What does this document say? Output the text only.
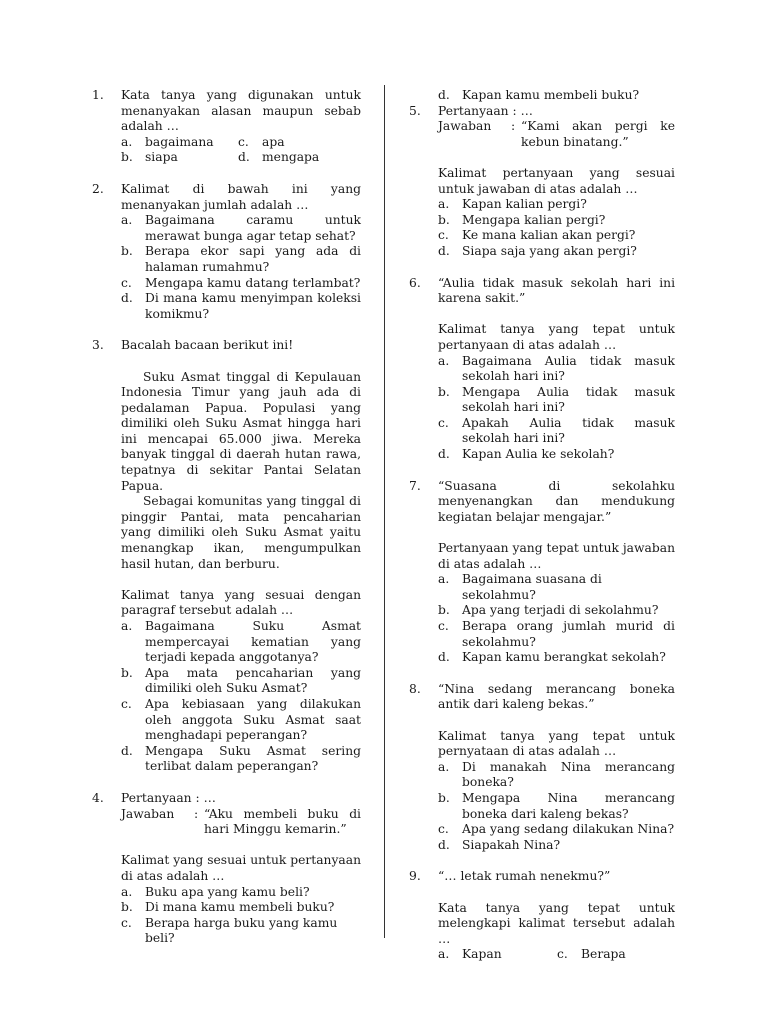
1. Kata tanya yang digunakan untuk menanyakan alasan maupun sebab adalah …
a. bagaimana	c. apa
b. siapa	d. mengapa
2. Kalimat di bawah ini yang menanyakan jumlah adalah …
a. Bagaimana caramu untuk merawat bunga agar tetap sehat?
b. Berapa ekor sapi yang ada di halaman rumahmu?
c. Mengapa kamu datang terlambat?
d. Di mana kamu menyimpan koleksi komikmu?
3. Bacalah bacaan berikut ini!
Suku Asmat tinggal di Kepulauan Indonesia Timur yang jauh ada di pedalaman Papua. Populasi yang dimiliki oleh Suku Asmat hingga hari ini mencapai 65.000 jiwa. Mereka banyak tinggal di daerah hutan rawa, tepatnya di sekitar Pantai Selatan Papua.
Sebagai komunitas yang tinggal di pinggir Pantai, mata pencaharian yang dimiliki oleh Suku Asmat yaitu menangkap ikan, mengumpulkan hasil hutan, dan berburu.
Kalimat tanya yang sesuai dengan paragraf tersebut adalah …
a. Bagaimana Suku Asmat mempercayai kematian yang terjadi kepada anggotanya?
b. Apa mata pencaharian yang dimiliki oleh Suku Asmat?
c. Apa kebiasaan yang dilakukan oleh anggota Suku Asmat saat menghadapi peperangan?
d. Mengapa Suku Asmat sering terlibat dalam peperangan?
4. Pertanyaan : …
Jawaban	: “Aku membeli buku di
hari Minggu kemarin.”
Kalimat yang sesuai untuk pertanyaan di atas adalah …
a. Buku apa yang kamu beli?
b. Di mana kamu membeli buku?
c. Berapa harga buku yang kamu beli?
d. Kapan kamu membeli buku?
5. Pertanyaan : …
Jawaban	: “Kami akan pergi ke
kebun binatang.”
Kalimat pertanyaan yang sesuai untuk jawaban di atas adalah …
a. Kapan kalian pergi?
b. Mengapa kalian pergi?
c. Ke mana kalian akan pergi?
d. Siapa saja yang akan pergi?
6. “Aulia tidak masuk sekolah hari ini karena sakit.”
Kalimat tanya yang tepat untuk pertanyaan di atas adalah …
a. Bagaimana Aulia tidak masuk sekolah hari ini?
b. Mengapa Aulia tidak masuk sekolah hari ini?
c. Apakah Aulia tidak masuk sekolah hari ini?
d. Kapan Aulia ke sekolah?
7. “Suasana di sekolahku menyenangkan dan mendukung kegiatan belajar mengajar.”
Pertanyaan yang tepat untuk jawaban di atas adalah …
a. Bagaimana suasana di sekolahmu?
b. Apa yang terjadi di sekolahmu?
c. Berapa orang jumlah murid di sekolahmu?
d. Kapan kamu berangkat sekolah?
8. “Nina sedang merancang boneka antik dari kaleng bekas.”
Kalimat tanya yang tepat untuk pernyataan di atas adalah …
a. Di manakah Nina merancang boneka?
b. Mengapa Nina merancang boneka dari kaleng bekas?
c. Apa yang sedang dilakukan Nina?
d. Siapakah Nina?
9. “… letak rumah nenekmu?”
Kata tanya yang tepat untuk melengkapi kalimat tersebut adalah …
a. Kapan	c. Berapa
